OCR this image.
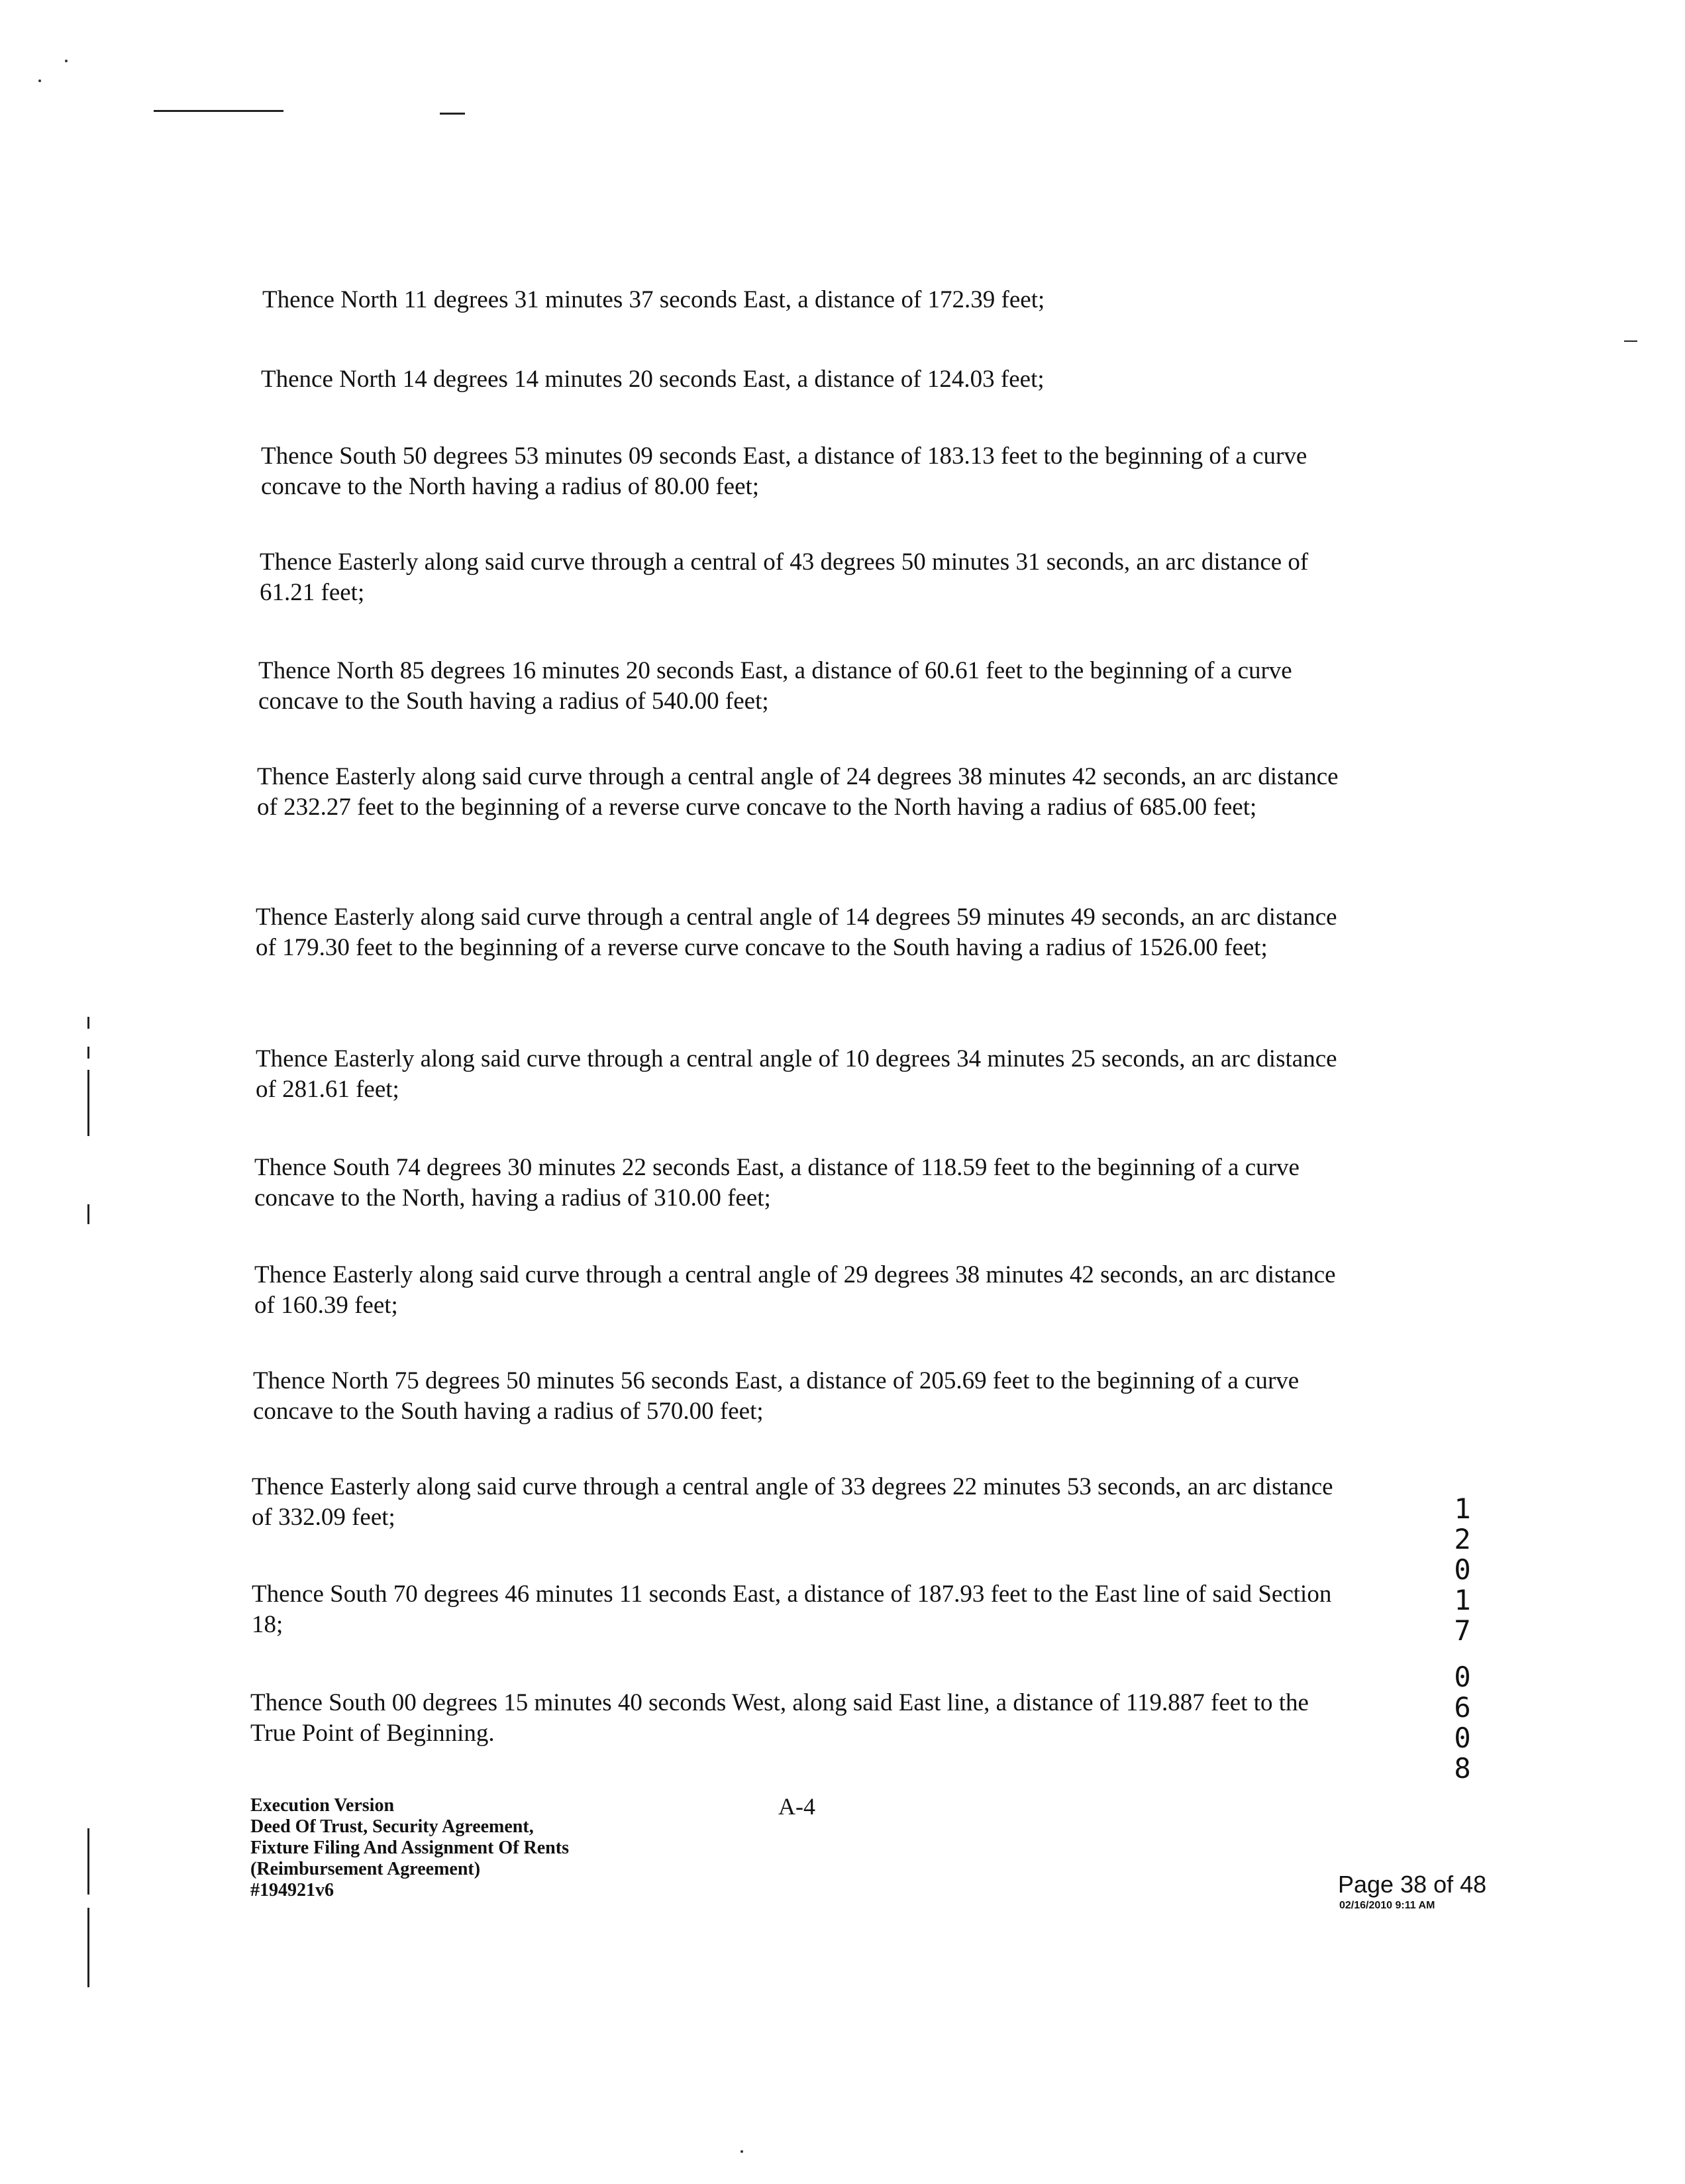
Thence North 11 degrees 31 minutes 37 seconds East, a distance of 172.39 feet;

Thence North 14 degrees 14 minutes 20 seconds East, a distance of 124.03 feet;

Thence South 50 degrees 53 minutes 09 seconds East, a distance of 183.13 feet to the beginning of a curve concave to the North having a radius of 80.00 feet;

Thence Easterly along said curve through a central of 43 degrees 50 minutes 31 seconds, an arc distance of 61.21 feet;

Thence North 85 degrees 16 minutes 20 seconds East, a distance of 60.61 feet to the beginning of a curve concave to the South having a radius of 540.00 feet;

Thence Easterly along said curve through a central angle of 24 degrees 38 minutes 42 seconds, an arc distance of 232.27 feet to the beginning of a reverse curve concave to the North having a radius of 685.00 feet;

Thence Easterly along said curve through a central angle of 14 degrees 59 minutes 49 seconds, an arc distance of 179.30 feet to the beginning of a reverse curve concave to the South having a radius of 1526.00 feet;

Thence Easterly along said curve through a central angle of 10 degrees 34 minutes 25 seconds, an arc distance of 281.61 feet;

Thence South 74 degrees 30 minutes 22 seconds East, a distance of 118.59 feet to the beginning of a curve concave to the North, having a radius of 310.00 feet;

Thence Easterly along said curve through a central angle of 29 degrees 38 minutes 42 seconds, an arc distance of 160.39 feet;

Thence North 75 degrees 50 minutes 56 seconds East, a distance of 205.69 feet to the beginning of a curve concave to the South having a radius of 570.00 feet;

Thence Easterly along said curve through a central angle of 33 degrees 22 minutes 53 seconds, an arc distance of 332.09 feet;

Thence South 70 degrees 46 minutes 11 seconds East, a distance of 187.93 feet to the East line of said Section 18;

Thence South 00 degrees 15 minutes 40 seconds West, along said East line, a distance of 119.887 feet to the True Point of Beginning.

1
2
0
1
7
0
6
0
8
Execution Version
Deed Of Trust, Security Agreement,
Fixture Filing And Assignment Of Rents
(Reimbursement Agreement)
#194921v6
A-4
Page 38 of 48
02/16/2010 9:11 AM
